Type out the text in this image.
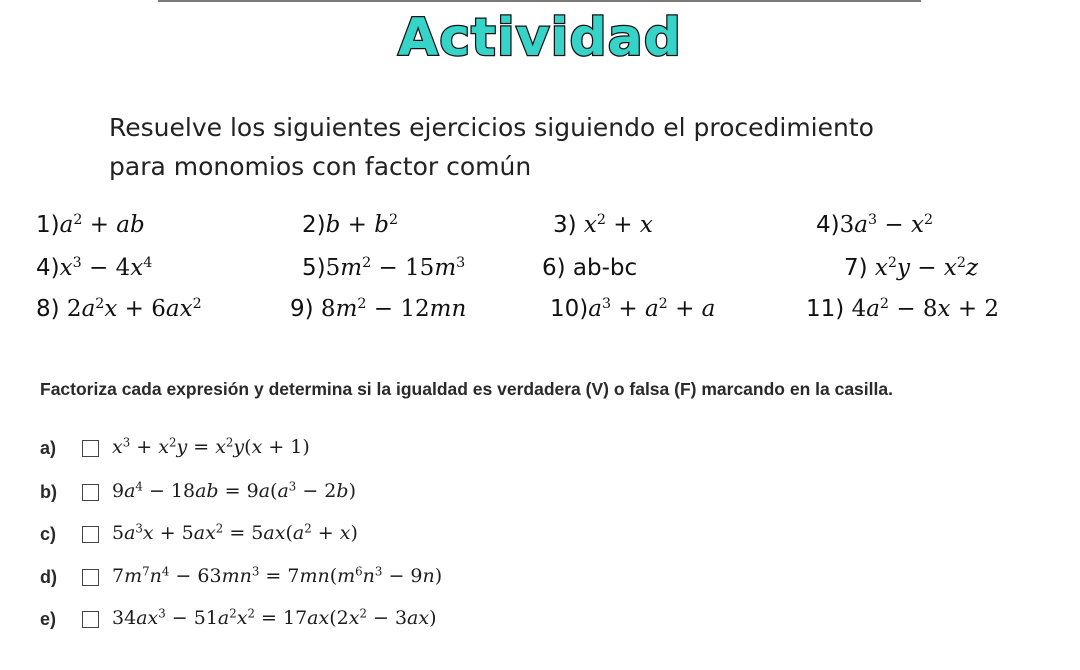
Actividad
Resuelve los siguientes ejercicios siguiendo el procedimiento
para monomios con factor común
$1)a^2$ + ab	$2)b + b^2$	3) $x^2 + x$	$4)3a^3 - x^2$
$4)x^3 - 4x^4$	$5)5m^2 - 15m^3$	6) ab-bc	7) $x^2y - x^2z$
8) $2a^2x + 6ax^2$	9) $8m^2 - 12mn$	$10)a^3 + a^2 + a$	11) $4a^2 - 8x + 2$
Factoriza cada expresión y determina si la igualdad es verdadera (V) o falsa (F) marcando en la casilla.
a)	$x^3 + x^2y = x^2y(x + 1)$
b)	$9a^4 - 18ab = 9a(a^3 - 2b)$
c)	$5a^3x + 5ax^2 = 5ax(a^2 + x)$
d)	$7m^7n^4 - 63mn^3 = 7mn(m^6n^3 - 9n)$
e)	$34ax^3 - 51a^2x^2 = 17ax(2x^2 - 3ax)$
